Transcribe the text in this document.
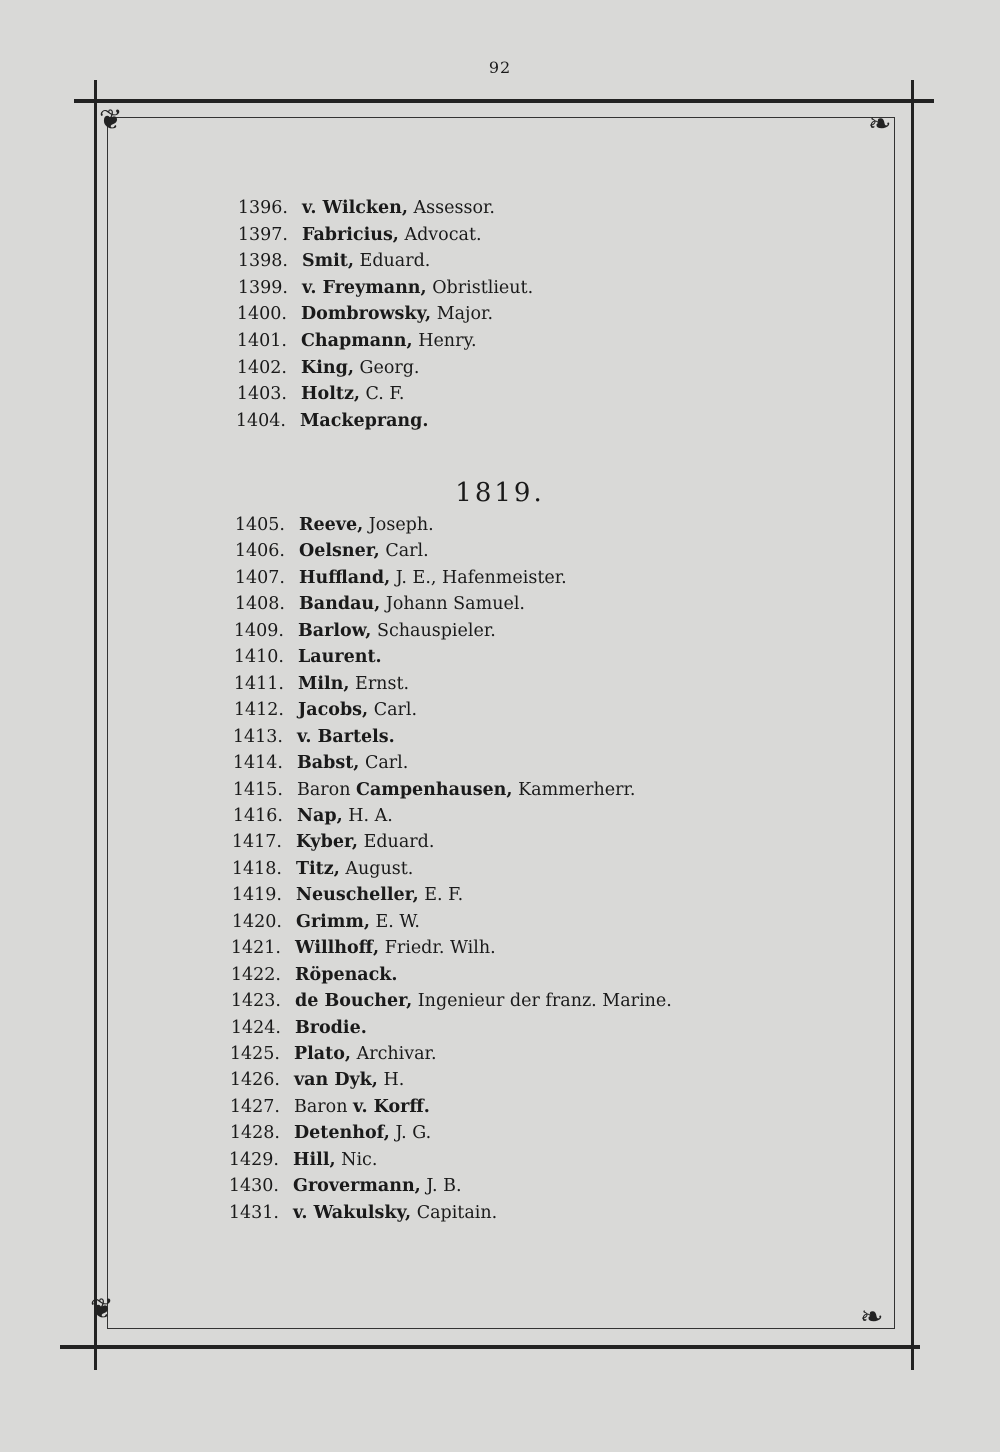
92
❦	❧
❦	❧
1396. v. Wilcken, Assessor.
1397. Fabricius, Advocat.
1398. Smit, Eduard.
1399. v. Freymann, Obristlieut.
1400. Dombrowsky, Major.
1401. Chapmann, Henry.
1402. King, Georg.
1403. Holtz, C. F.
1404. Mackeprang.
1819.
1405. Reeve, Joseph.
1406. Oelsner, Carl.
1407. Huffland, J. E., Hafenmeister.
1408. Bandau, Johann Samuel.
1409. Barlow, Schauspieler.
1410. Laurent.
1411. Miln, Ernst.
1412. Jacobs, Carl.
1413. v. Bartels.
1414. Babst, Carl.
1415. Baron Campenhausen, Kammerherr.
1416. Nap, H. A.
1417. Kyber, Eduard.
1418. Titz, August.
1419. Neuscheller, E. F.
1420. Grimm, E. W.
1421. Willhoff, Friedr. Wilh.
1422. Röpenack.
1423. de Boucher, Ingenieur der franz. Marine.
1424. Brodie.
1425. Plato, Archivar.
1426. van Dyk, H.
1427. Baron v. Korff.
1428. Detenhof, J. G.
1429. Hill, Nic.
1430. Grovermann, J. B.
1431. v. Wakulsky, Capitain.
